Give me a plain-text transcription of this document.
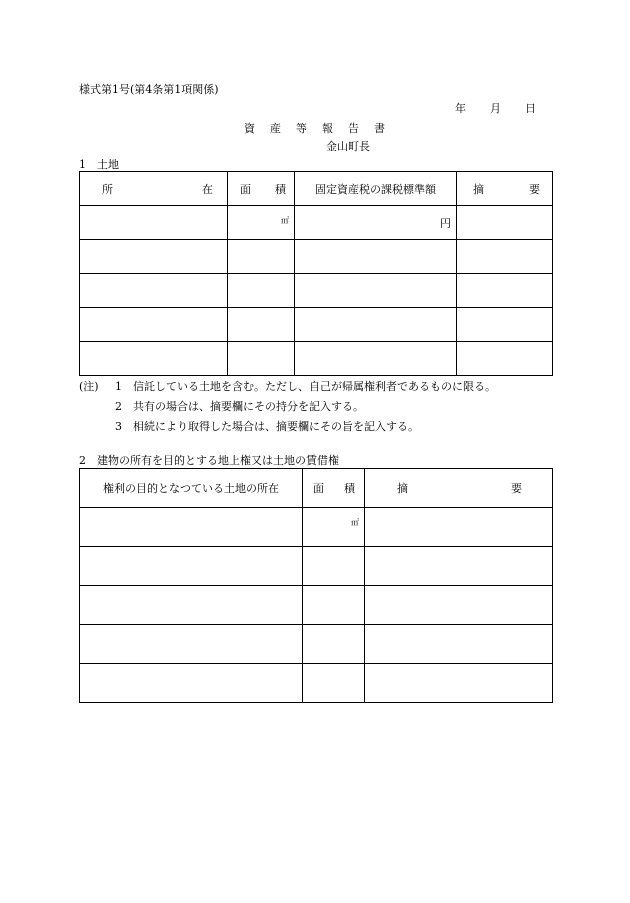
様式第1号(第4条第1項関係)
年 月 日
資 産 等 報 告 書
金山町長
1　土地
所 在	面 積	固定資産税の課税標準額	摘 要

	㎡	円	

(注) 1 信託している土地を含む。ただし、自己が帰属権利者であるものに限る。
2 共有の場合は、摘要欄にその持分を記入する。
3 相続により取得した場合は、摘要欄にその旨を記入する。
2　建物の所有を目的とする地上権又は土地の賃借権
権利の目的となつている土地の所在	面 積	摘 要

	㎡	
